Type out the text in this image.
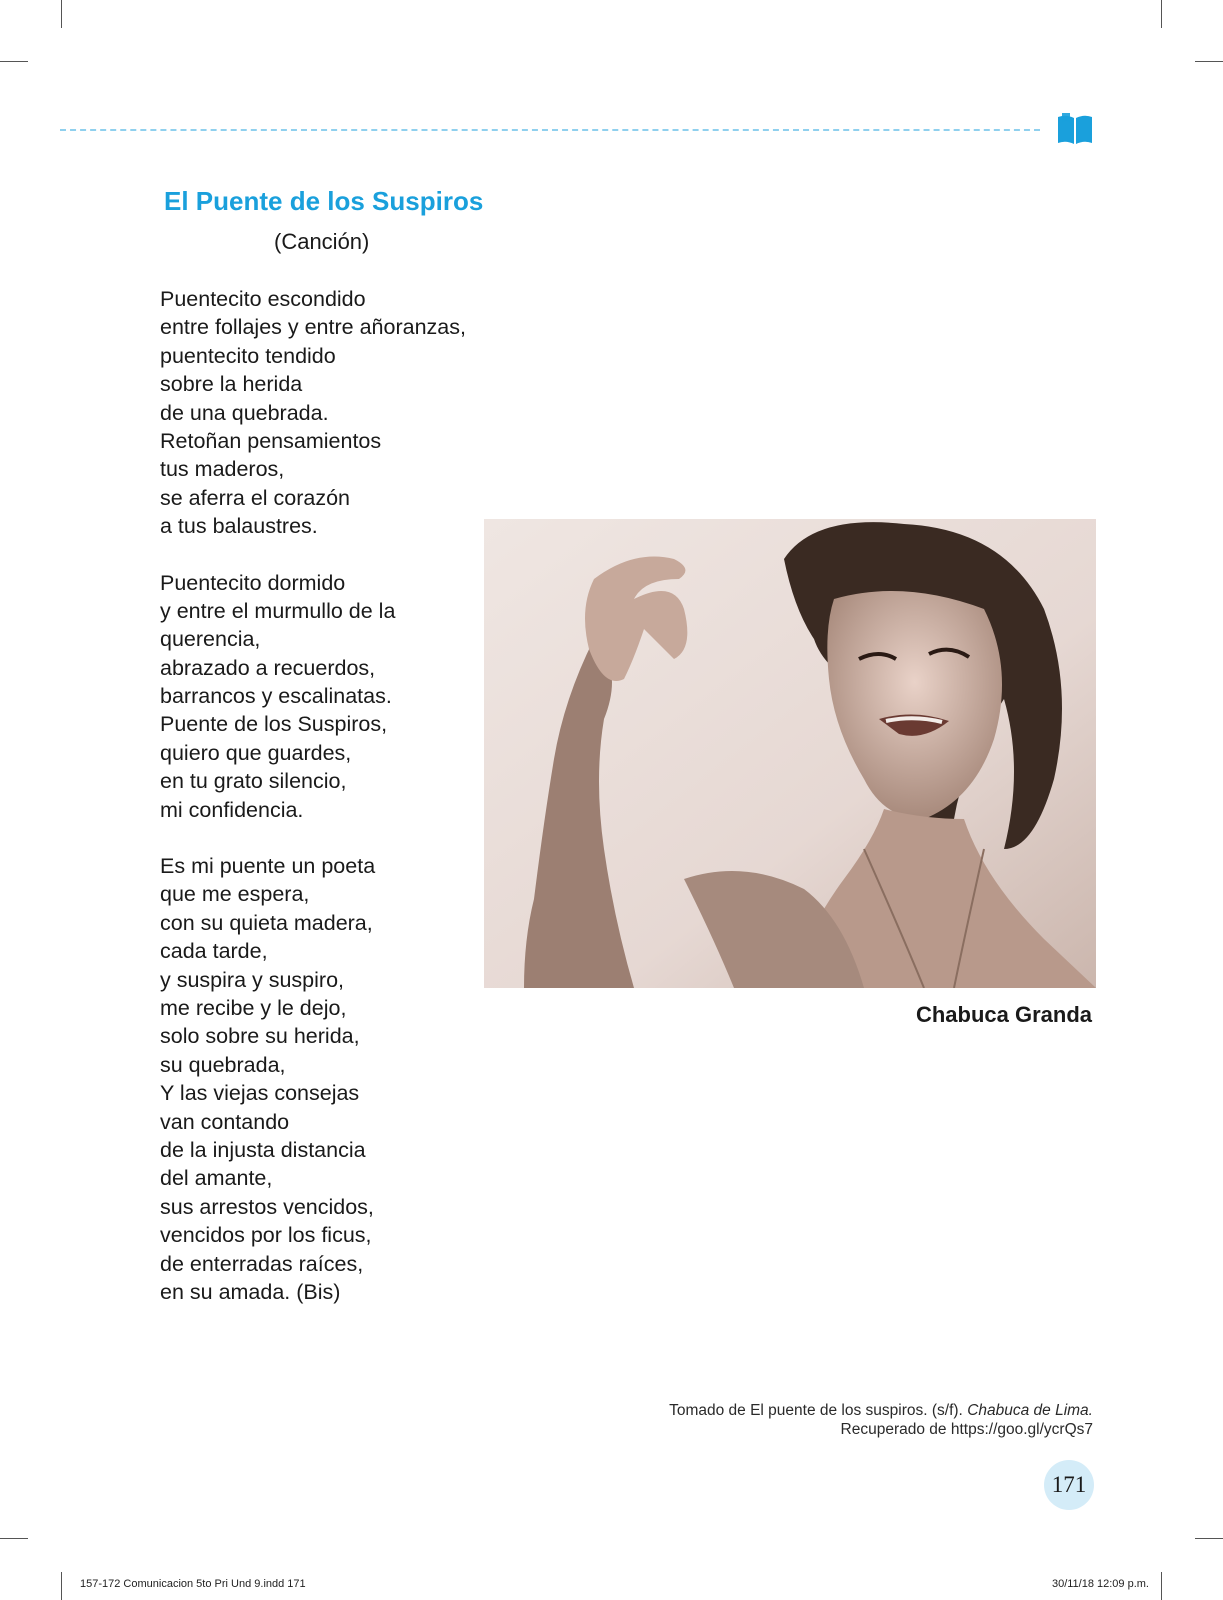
El Puente de los Suspiros
(Canción)
Puentecito escondido
entre follajes y entre añoranzas,
puentecito tendido
sobre la herida
de una quebrada.
Retoñan pensamientos
tus maderos,
se aferra el corazón
a tus balaustres.
Puentecito dormido
y entre el murmullo de la
querencia,
abrazado a recuerdos,
barrancos y escalinatas.
Puente de los Suspiros,
quiero que guardes,
en tu grato silencio,
mi confidencia.
Es mi puente un poeta
que me espera,
con su quieta madera,
cada tarde,
y suspira y suspiro,
me recibe y le dejo,
solo sobre su herida,
su quebrada,
Y las viejas consejas
van contando
de la injusta distancia
del amante,
sus arrestos vencidos,
vencidos por los ficus,
de enterradas raíces,
en su amada. (Bis)
Chabuca Granda
Tomado de El puente de los suspiros. (s/f). Chabuca de Lima.
Recuperado de https://goo.gl/ycrQs7
171
157-172 Comunicacion 5to Pri Und 9.indd 171	30/11/18 12:09 p.m.
